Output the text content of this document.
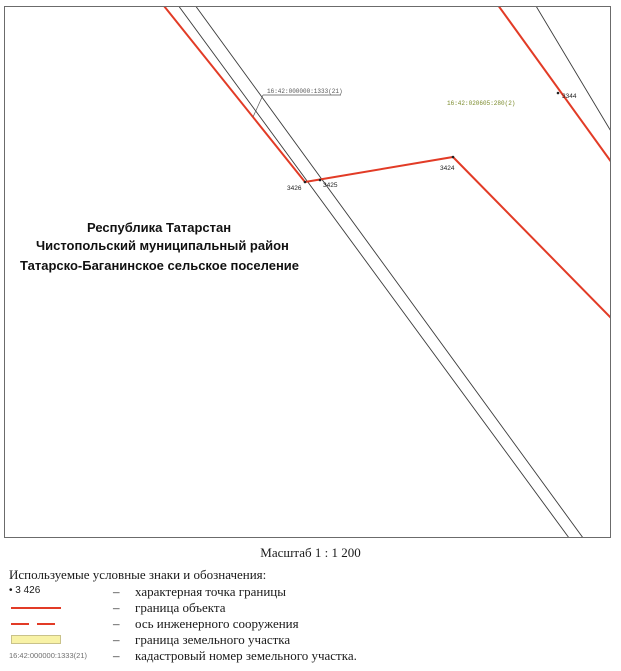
16:42:000000:1333(21)
16:42:020605:280(2)
3426	3425
3424
3344
Республика Татарстан
Чистопольский муниципальный район
Татарско-Баганинское сельское поселение
Масштаб 1 : 1 200
Используемые условные знаки и обозначения:
• 3 426	– характерная точка границы
– граница объекта
– ось инженерного сооружения
– граница земельного участка
16:42:000000:1333(21) – кадастровый номер земельного участка.
